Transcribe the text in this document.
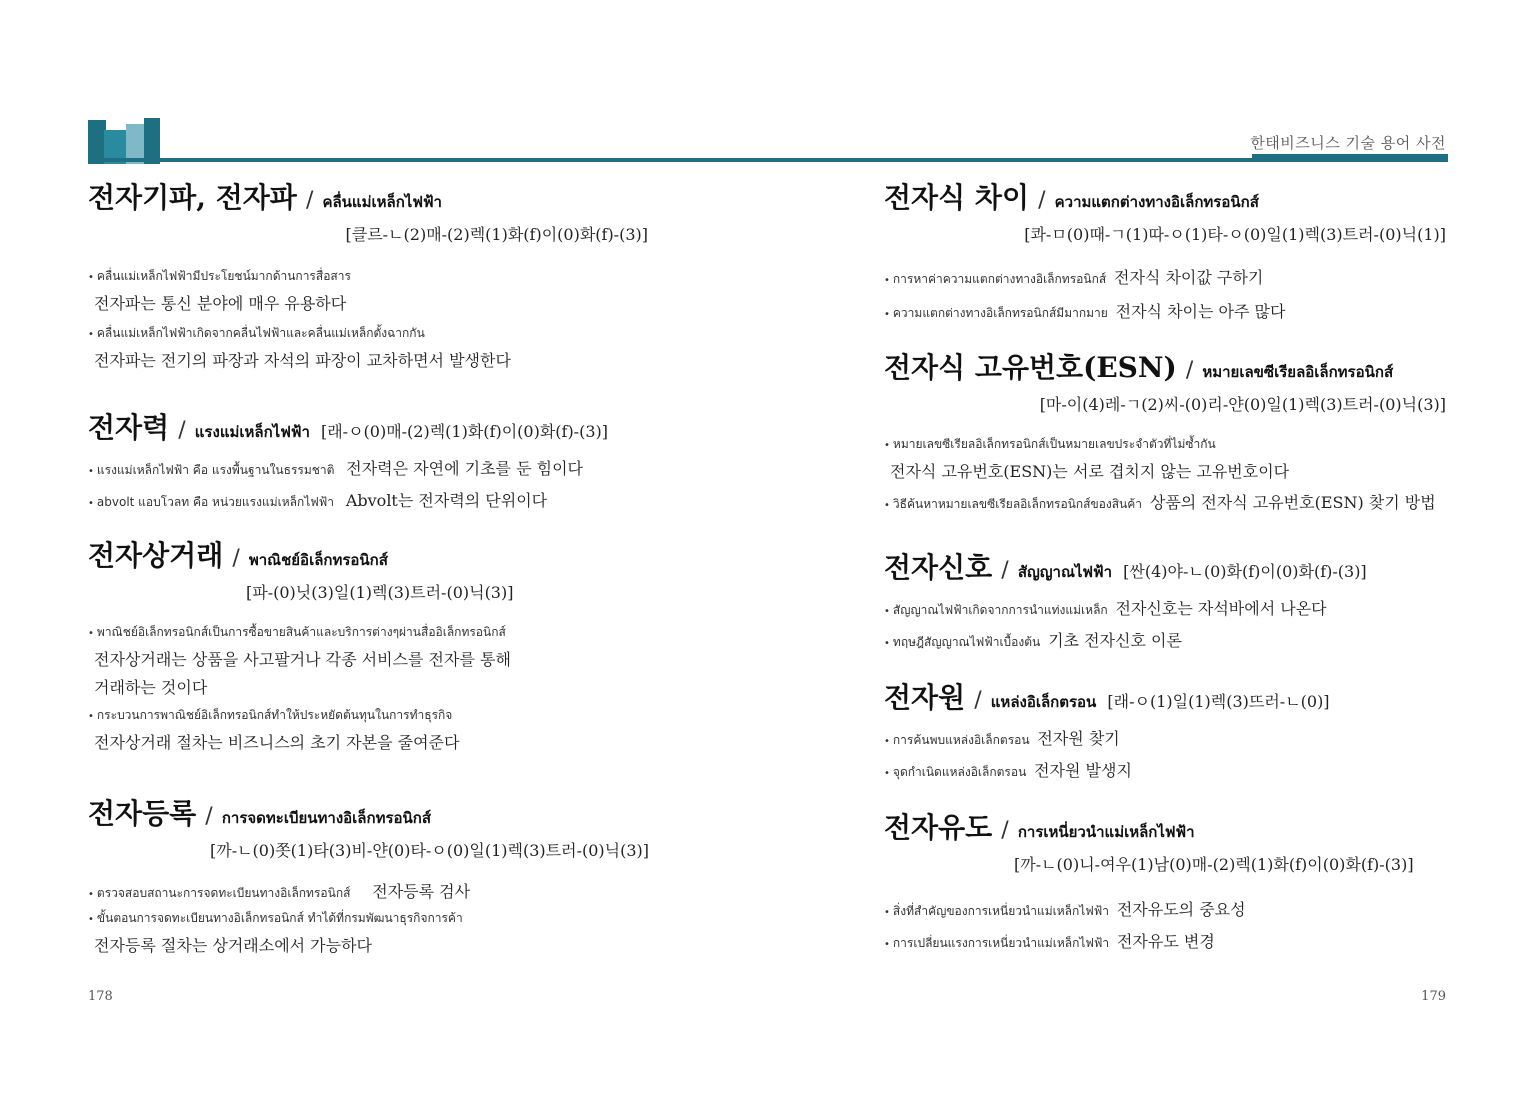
한태비즈니스 기술 용어 사전
전자기파, 전자파 / คลื่นแม่เหล็กไฟฟ้า
[클르-ㄴ(2)매-(2)렉(1)화(f)이(0)화(f)-(3)]
• คลื่นแม่เหล็กไฟฟ้ามีประโยชน์มากด้านการสื่อสาร
전자파는 통신 분야에 매우 유용하다
• คลื่นแม่เหล็กไฟฟ้าเกิดจากคลื่นไฟฟ้าและคลื่นแม่เหล็กตั้งฉากกัน
전자파는 전기의 파장과 자석의 파장이 교차하면서 발생한다
전자력 / แรงแม่เหล็กไฟฟ้า [래-ㅇ(0)매-(2)렉(1)화(f)이(0)화(f)-(3)]
• แรงแม่เหล็กไฟฟ้า คือ แรงพื้นฐานในธรรมชาติ 전자력은 자연에 기초를 둔 힘이다
• abvolt แอบโวลท คือ หน่วยแรงแม่เหล็กไฟฟ้า Abvolt는 전자력의 단위이다
전자상거래 / พาณิชย์อิเล็กทรอนิกส์
[파-(0)닛(3)일(1)렉(3)트러-(0)닉(3)]
• พาณิชย์อิเล็กทรอนิกส์เป็นการซื้อขายสินค้าและบริการต่างๆผ่านสื่ออิเล็กทรอนิกส์
전자상거래는 상품을 사고팔거나 각종 서비스를 전자를 통해
거래하는 것이다
• กระบวนการพาณิชย์อิเล็กทรอนิกส์ทำให้ประหยัดต้นทุนในการทำธุรกิจ
전자상거래 절차는 비즈니스의 초기 자본을 줄여준다
전자등록 / การจดทะเบียนทางอิเล็กทรอนิกส์
[까-ㄴ(0)쫏(1)타(3)비-얀(0)타-ㅇ(0)일(1)렉(3)트러-(0)닉(3)]
• ตรวจสอบสถานะการจดทะเบียนทางอิเล็กทรอนิกส์ 전자등록 검사
• ขั้นตอนการจดทะเบียนทางอิเล็กทรอนิกส์ ทำได้ที่กรมพัฒนาธุรกิจการค้า
전자등록 절차는 상거래소에서 가능하다
전자식 차이 / ความแตกต่างทางอิเล็กทรอนิกส์
[콰-ㅁ(0)때-ㄱ(1)따-ㅇ(1)타-ㅇ(0)일(1)렉(3)트러-(0)닉(1)]
• การหาค่าความแตกต่างทางอิเล็กทรอนิกส์ 전자식 차이값 구하기
• ความแตกต่างทางอิเล็กทรอนิกส์มีมากมาย 전자식 차이는 아주 많다
전자식 고유번호(ESN) / หมายเลขซีเรียลอิเล็กทรอนิกส์
[마-이(4)레-ㄱ(2)씨-(0)리-얀(0)일(1)렉(3)트러-(0)닉(3)]
• หมายเลขซีเรียลอิเล็กทรอนิกส์เป็นหมายเลขประจำตัวที่ไม่ซ้ำกัน
전자식 고유번호(ESN)는 서로 겹치지 않는 고유번호이다
• วิธีค้นหาหมายเลขซีเรียลอิเล็กทรอนิกส์ของสินค้า 상품의 전자식 고유번호(ESN) 찾기 방법
전자신호 / สัญญาณไฟฟ้า [싼(4)야-ㄴ(0)화(f)이(0)화(f)-(3)]
• สัญญาณไฟฟ้าเกิดจากการนำแท่งแม่เหล็ก 전자신호는 자석바에서 나온다
• ทฤษฎีสัญญาณไฟฟ้าเบื้องต้น 기초 전자신호 이론
전자원 / แหล่งอิเล็กตรอน [래-ㅇ(1)일(1)렉(3)뜨러-ㄴ(0)]
• การค้นพบแหล่งอิเล็กตรอน 전자원 찾기
• จุดกำเนิดแหล่งอิเล็กตรอน 전자원 발생지
전자유도 / การเหนี่ยวนำแม่เหล็กไฟฟ้า
[까-ㄴ(0)니-여우(1)남(0)매-(2)렉(1)화(f)이(0)화(f)-(3)]
• สิ่งที่สำคัญของการเหนี่ยวนำแม่เหล็กไฟฟ้า 전자유도의 중요성
• การเปลี่ยนแรงการเหนี่ยวนำแม่เหล็กไฟฟ้า 전자유도 변경
178	179
